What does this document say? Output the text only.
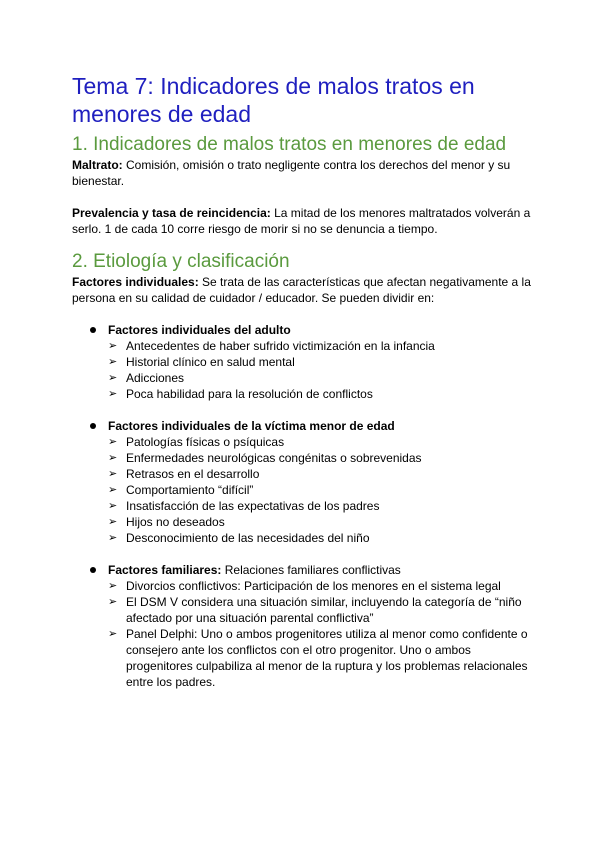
Tema 7: Indicadores de malos tratos en menores de edad
1. Indicadores de malos tratos en menores de edad

Maltrato: Comisión, omisión o trato negligente contra los derechos del menor y su bienestar.

Prevalencia y tasa de reincidencia: La mitad de los menores maltratados volverán a serlo. 1 de cada 10 corre riesgo de morir si no se denuncia a tiempo.

2. Etiología y clasificación

Factores individuales: Se trata de las características que afectan negativamente a la persona en su calidad de cuidador / educador. Se pueden dividir en:

Factores individuales del adulto
➢ Antecedentes de haber sufrido victimización en la infancia
➢ Historial clínico en salud mental
➢ Adicciones
➢ Poca habilidad para la resolución de conflictos
Factores individuales de la víctima menor de edad
➢ Patologías físicas o psíquicas
➢ Enfermedades neurológicas congénitas o sobrevenidas
➢ Retrasos en el desarrollo
➢ Comportamiento “difícil”
➢ Insatisfacción de las expectativas de los padres
➢ Hijos no deseados
➢ Desconocimiento de las necesidades del niño
Factores familiares: Relaciones familiares conflictivas
➢ Divorcios conflictivos: Participación de los menores en el sistema legal
➢ El DSM V considera una situación similar, incluyendo la categoría de “niño afectado por una situación parental conflictiva”
➢ Panel Delphi: Uno o ambos progenitores utiliza al menor como confidente o consejero ante los conflictos con el otro progenitor. Uno o ambos progenitores culpabiliza al menor de la ruptura y los problemas relacionales entre los padres.
